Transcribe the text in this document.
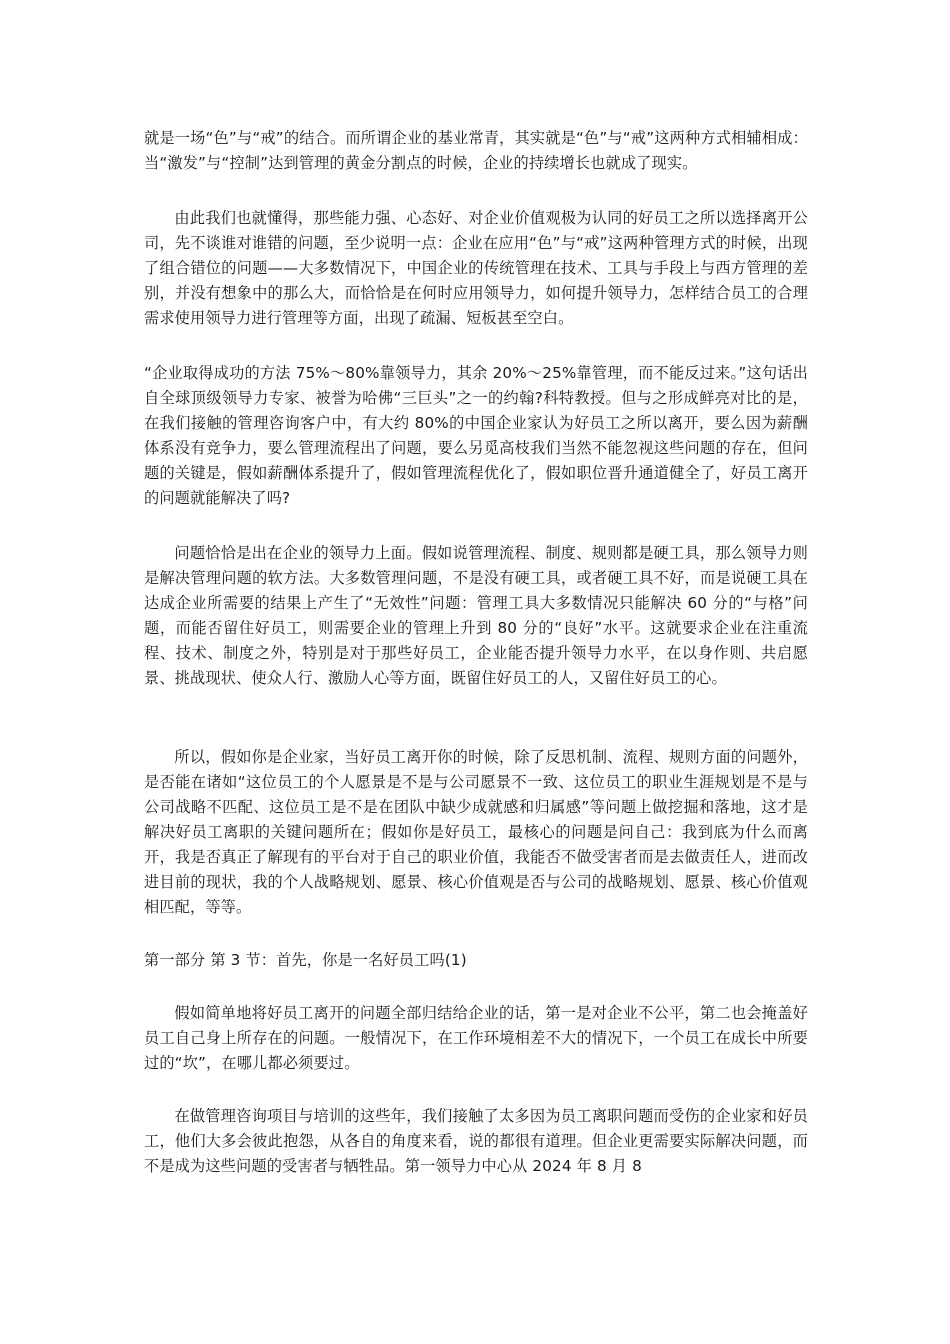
就是一场“色”与“戒”的结合。而所谓企业的基业常青，其实就是“色”与“戒”这两种方式相辅相成：当“激发”与“控制”达到管理的黄金分割点的时候，企业的持续增长也就成了现实。

由此我们也就懂得，那些能力强、心态好、对企业价值观极为认同的好员工之所以选择离开公司，先不谈谁对谁错的问题，至少说明一点：企业在应用“色”与“戒”这两种管理方式的时候，出现了组合错位的问题——大多数情况下，中国企业的传统管理在技术、工具与手段上与西方管理的差别，并没有想象中的那么大，而恰恰是在何时应用领导力，如何提升领导力，怎样结合员工的合理需求使用领导力进行管理等方面，出现了疏漏、短板甚至空白。

“企业取得成功的方法 75%～80%靠领导力，其余 20%～25%靠管理，而不能反过来。”这句话出自全球顶级领导力专家、被誉为哈佛“三巨头”之一的约翰?科特教授。但与之形成鲜亮对比的是，在我们接触的管理咨询客户中，有大约 80%的中国企业家认为好员工之所以离开，要么因为薪酬体系没有竞争力，要么管理流程出了问题，要么另觅高枝我们当然不能忽视这些问题的存在，但问题的关键是，假如薪酬体系提升了，假如管理流程优化了，假如职位晋升通道健全了，好员工离开的问题就能解决了吗?

问题恰恰是出在企业的领导力上面。假如说管理流程、制度、规则都是硬工具，那么领导力则是解决管理问题的软方法。大多数管理问题，不是没有硬工具，或者硬工具不好，而是说硬工具在达成企业所需要的结果上产生了“无效性”问题：管理工具大多数情况只能解决 60 分的“与格”问题，而能否留住好员工，则需要企业的管理上升到 80 分的“良好”水平。这就要求企业在注重流程、技术、制度之外，特别是对于那些好员工，企业能否提升领导力水平，在以身作则、共启愿景、挑战现状、使众人行、激励人心等方面，既留住好员工的人，又留住好员工的心。

所以，假如你是企业家，当好员工离开你的时候，除了反思机制、流程、规则方面的问题外，是否能在诸如“这位员工的个人愿景是不是与公司愿景不一致、这位员工的职业生涯规划是不是与公司战略不匹配、这位员工是不是在团队中缺少成就感和归属感”等问题上做挖掘和落地，这才是解决好员工离职的关键问题所在；假如你是好员工，最核心的问题是问自己：我到底为什么而离开，我是否真正了解现有的平台对于自己的职业价值，我能否不做受害者而是去做责任人，进而改进目前的现状，我的个人战略规划、愿景、核心价值观是否与公司的战略规划、愿景、核心价值观相匹配，等等。

第一部分 第 3 节：首先，你是一名好员工吗(1)

假如简单地将好员工离开的问题全部归结给企业的话，第一是对企业不公平，第二也会掩盖好员工自己身上所存在的问题。一般情况下，在工作环境相差不大的情况下，一个员工在成长中所要过的“坎”，在哪儿都必须要过。

在做管理咨询项目与培训的这些年，我们接触了太多因为员工离职问题而受伤的企业家和好员工，他们大多会彼此抱怨，从各自的角度来看，说的都很有道理。但企业更需要实际解决问题，而不是成为这些问题的受害者与牺牲品。第一领导力中心从 2024 年 8 月 8
